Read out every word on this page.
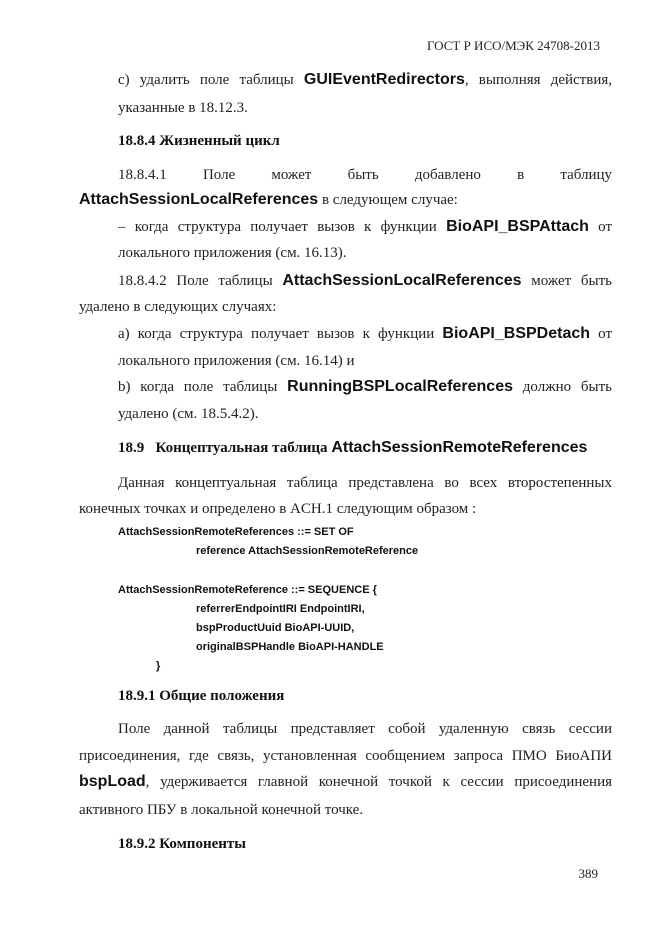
ГОСТ Р ИСО/МЭК 24708-2013
c) удалить поле таблицы GUIEventRedirectors, выполняя действия,
указанные в 18.12.3.
18.8.4 Жизненный цикл
18.8.4.1 Поле может быть добавлено в таблицу
AttachSessionLocalReferences в следующем случае:
– когда структура получает вызов к функции BioAPI_BSPAttach от
локального приложения (см. 16.13).
18.8.4.2 Поле таблицы AttachSessionLocalReferences может быть
удалено в следующих случаях:
a) когда структура получает вызов к функции BioAPI_BSPDetach от
локального приложения (см. 16.14) и
b) когда поле таблицы RunningBSPLocalReferences должно быть
удалено (см. 18.5.4.2).
18.9 Концептуальная таблица AttachSessionRemoteReferences
Данная концептуальная таблица представлена во всех второстепенных
конечных точках и определено в ACH.1 следующим образом :
AttachSessionRemoteReferences ::= SET OF
reference AttachSessionRemoteReference
AttachSessionRemoteReference ::= SEQUENCE {
referrerEndpointIRI EndpointIRI,
bspProductUuid BioAPI-UUID,
originalBSPHandle BioAPI-HANDLE
}
18.9.1 Общие положения
Поле данной таблицы представляет собой удаленную связь сессии
присоединения, где связь, установленная сообщением запроса ПМО БиоАПИ
bspLoad, удерживается главной конечной точкой к сессии присоединения
активного ПБУ в локальной конечной точке.
18.9.2 Компоненты
389
